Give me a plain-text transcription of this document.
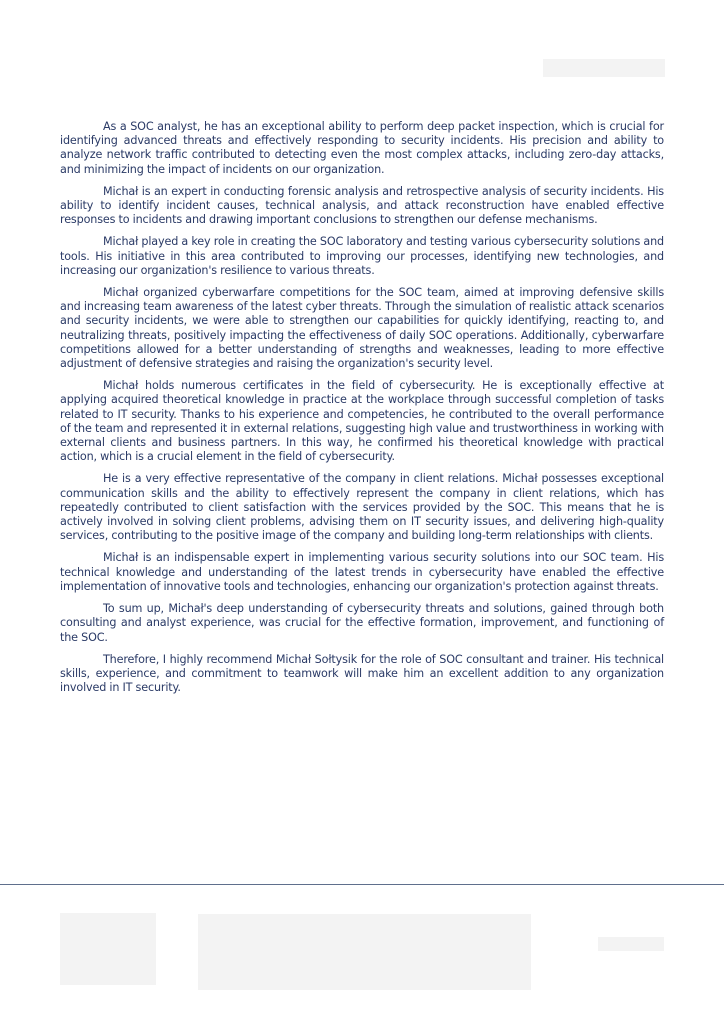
As a SOC analyst, he has an exceptional ability to perform deep packet inspection, which is crucial for identifying advanced threats and effectively responding to security incidents. His precision and ability to analyze network traffic contributed to detecting even the most complex attacks, including zero-day attacks, and minimizing the impact of incidents on our organization.

Michał is an expert in conducting forensic analysis and retrospective analysis of security incidents. His ability to identify incident causes, technical analysis, and attack reconstruction have enabled effective responses to incidents and drawing important conclusions to strengthen our defense mechanisms.

Michał played a key role in creating the SOC laboratory and testing various cybersecurity solutions and tools. His initiative in this area contributed to improving our processes, identifying new technologies, and increasing our organization's resilience to various threats.

Michał organized cyberwarfare competitions for the SOC team, aimed at improving defensive skills and increasing team awareness of the latest cyber threats. Through the simulation of realistic attack scenarios and security incidents, we were able to strengthen our capabilities for quickly identifying, reacting to, and neutralizing threats, positively impacting the effectiveness of daily SOC operations. Additionally, cyberwarfare competitions allowed for a better understanding of strengths and weaknesses, leading to more effective adjustment of defensive strategies and raising the organization's security level.

Michał holds numerous certificates in the field of cybersecurity. He is exceptionally effective at applying acquired theoretical knowledge in practice at the workplace through successful completion of tasks related to IT security. Thanks to his experience and competencies, he contributed to the overall performance of the team and represented it in external relations, suggesting high value and trustworthiness in working with external clients and business partners. In this way, he confirmed his theoretical knowledge with practical action, which is a crucial element in the field of cybersecurity.

He is a very effective representative of the company in client relations. Michał possesses exceptional communication skills and the ability to effectively represent the company in client relations, which has repeatedly contributed to client satisfaction with the services provided by the SOC. This means that he is actively involved in solving client problems, advising them on IT security issues, and delivering high-quality services, contributing to the positive image of the company and building long-term relationships with clients.

Michał is an indispensable expert in implementing various security solutions into our SOC team. His technical knowledge and understanding of the latest trends in cybersecurity have enabled the effective implementation of innovative tools and technologies, enhancing our organization's protection against threats.

To sum up, Michał's deep understanding of cybersecurity threats and solutions, gained through both consulting and analyst experience, was crucial for the effective formation, improvement, and functioning of the SOC.

Therefore, I highly recommend Michał Sołtysik for the role of SOC consultant and trainer. His technical skills, experience, and commitment to teamwork will make him an excellent addition to any organization involved in IT security.
